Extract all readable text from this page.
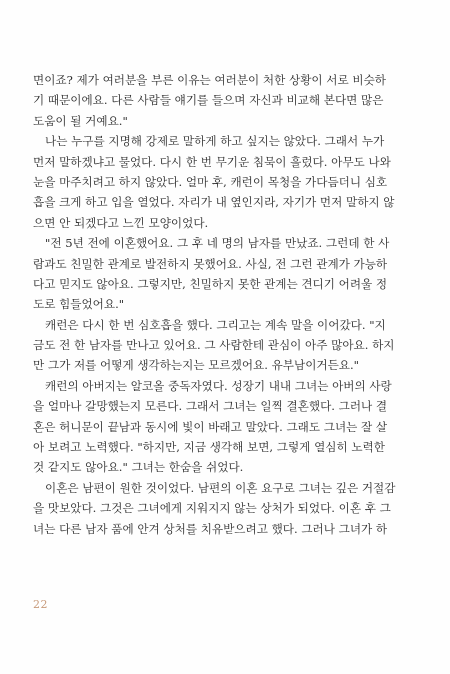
면이죠? 제가 여러분을 부른 이유는 여러분이 처한 상황이 서로 비슷하
기 때문이에요. 다른 사람들 얘기를 들으며 자신과 비교해 본다면 많은
도움이 될 거예요."
나는 누구를 지명해 강제로 말하게 하고 싶지는 않았다. 그래서 누가
먼저 말하겠냐고 물었다. 다시 한 번 무기운 침묵이 흘렀다. 아무도 나와
눈을 마주치려고 하지 않았다. 얼마 후, 캐런이 목청을 가다듬더니 심호
흡을 크게 하고 입을 열었다. 자리가 내 옆인지라, 자기가 먼저 말하지 않
으면 안 되겠다고 느낀 모양이었다.
"전 5년 전에 이혼했어요. 그 후 네 명의 남자를 만났죠. 그런데 한 사
람과도 친밀한 관계로 발전하지 못했어요. 사실, 전 그런 관계가 가능하
다고 믿지도 않아요. 그렇지만, 친밀하지 못한 관계는 견디기 어려울 정
도로 힘들었어요."
캐런은 다시 한 번 심호흡을 했다. 그리고는 계속 말을 이어갔다. "지
금도 전 한 남자를 만나고 있어요. 그 사람한테 관심이 아주 많아요. 하지
만 그가 저를 어떻게 생각하는지는 모르겠어요. 유부남이거든요."
캐런의 아버지는 알코올 중독자였다. 성장기 내내 그녀는 아버의 사랑
을 얼마나 갈망했는지 모른다. 그래서 그녀는 일찍 결혼했다. 그러나 결
혼은 허니문이 끝남과 동시에 빛이 바래고 말았다. 그래도 그녀는 잘 살
아 보려고 노력했다. "하지만, 지금 생각해 보면, 그렇게 열심히 노력한
것 같지도 않아요." 그녀는 한숨을 쉬었다.
이혼은 남편이 원한 것이었다. 남편의 이혼 요구로 그녀는 깊은 거절감
을 맛보았다. 그것은 그녀에게 지워지지 않는 상처가 되었다. 이혼 후 그
녀는 다른 남자 품에 안겨 상처를 치유받으려고 했다. 그러나 그녀가 하
22
